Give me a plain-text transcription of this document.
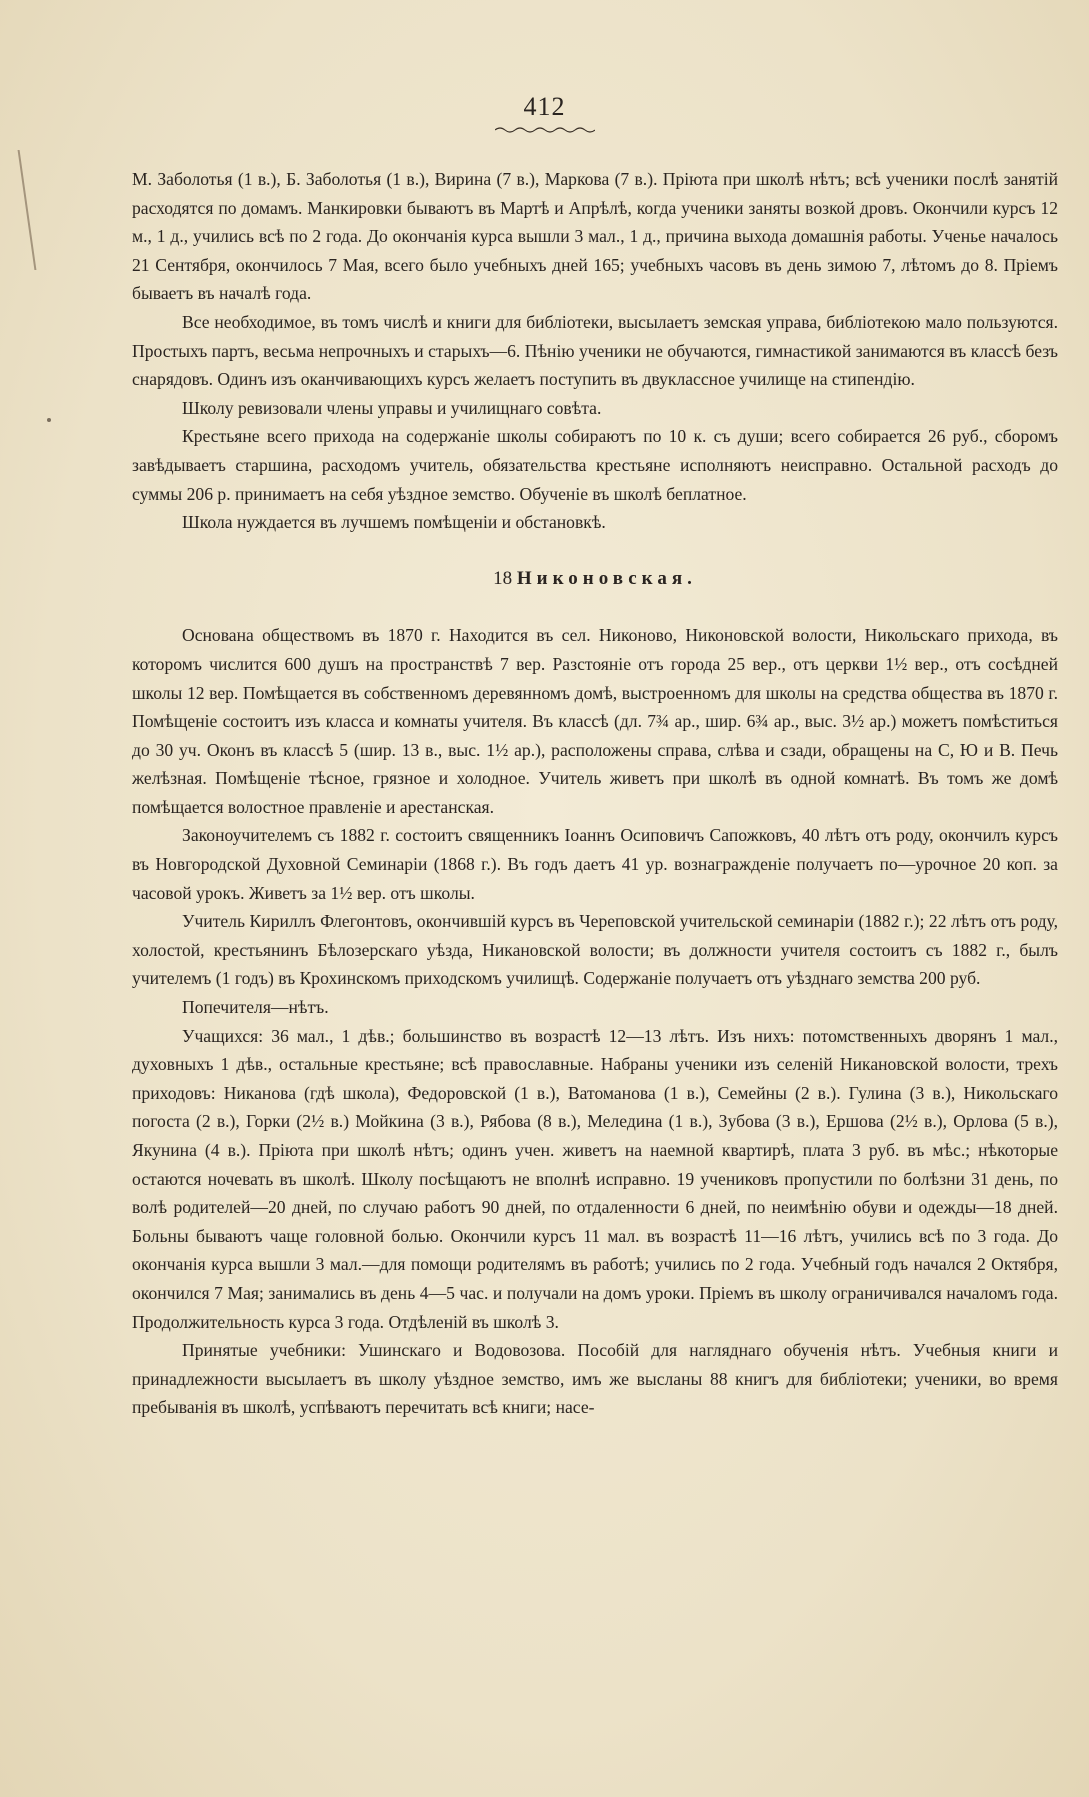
412

М. Заболотья (1 в.), Б. Заболотья (1 в.), Вирина (7 в.), Маркова (7 в.). Пріюта при школѣ нѣтъ; всѣ ученики послѣ занятій расходятся по домамъ. Манкировки бываютъ въ Мартѣ и Апрѣлѣ, когда ученики заняты возкой дровъ. Окончили курсъ 12 м., 1 д., учились всѣ по 2 года. До окончанія курса вышли 3 мал., 1 д., причина выхода домашнія работы. Ученье началось 21 Сентября, окончилось 7 Мая, всего было учебныхъ дней 165; учебныхъ часовъ въ день зимою 7, лѣтомъ до 8. Пріемъ бываетъ въ началѣ года.

Все необходимое, въ томъ числѣ и книги для библіотеки, высылаетъ земская управа, библіотекою мало пользуются. Простыхъ партъ, весьма непрочныхъ и старыхъ—6. Пѣнію ученики не обучаются, гимнастикой занимаются въ классѣ безъ снарядовъ. Одинъ изъ оканчивающихъ курсъ желаетъ поступить въ двуклассное училище на стипендію.

Школу ревизовали члены управы и училищнаго совѣта.

Крестьяне всего прихода на содержаніе школы собираютъ по 10 к. съ души; всего собирается 26 руб., сборомъ завѣдываетъ старшина, расходомъ учитель, обязательства крестьяне исполняютъ неисправно. Остальной расходъ до суммы 206 р. принимаетъ на себя уѣздное земство. Обученіе въ школѣ беплатное.

Школа нуждается въ лучшемъ помѣщеніи и обстановкѣ.

18 Никоновская.

Основана обществомъ въ 1870 г. Находится въ сел. Никоново, Никоновской волости, Никольскаго прихода, въ которомъ числится 600 душъ на пространствѣ 7 вер. Разстояніе отъ города 25 вер., отъ церкви 1½ вер., отъ сосѣдней школы 12 вер. Помѣщается въ собственномъ деревянномъ домѣ, выстроенномъ для школы на средства общества въ 1870 г. Помѣщеніе состоитъ изъ класса и комнаты учителя. Въ классѣ (дл. 7¾ ар., шир. 6¾ ар., выс. 3½ ар.) можетъ помѣститься до 30 уч. Оконъ въ классѣ 5 (шир. 13 в., выс. 1½ ар.), расположены справа, слѣва и сзади, обращены на С, Ю и В. Печь желѣзная. Помѣщеніе тѣсное, грязное и холодное. Учитель живетъ при школѣ въ одной комнатѣ. Въ томъ же домѣ помѣщается волостное правленіе и арестанская.

Законоучителемъ съ 1882 г. состоитъ священникъ Іоаннъ Осиповичъ Сапожковъ, 40 лѣтъ отъ роду, окончилъ курсъ въ Новгородской Духовной Семинаріи (1868 г.). Въ годъ даетъ 41 ур. вознагражденіе получаетъ по—урочное 20 коп. за часовой урокъ. Живетъ за 1½ вер. отъ школы.

Учитель Кириллъ Флегонтовъ, окончившій курсъ въ Череповской учительской семинаріи (1882 г.); 22 лѣтъ отъ роду, холостой, крестьянинъ Бѣлозерскаго уѣзда, Никановской волости; въ должности учителя состоитъ съ 1882 г., былъ учителемъ (1 годъ) въ Крохинскомъ приходскомъ училищѣ. Содержаніе получаетъ отъ уѣзднаго земства 200 руб.

Попечителя—нѣтъ.

Учащихся: 36 мал., 1 дѣв.; большинство въ возрастѣ 12—13 лѣтъ. Изъ нихъ: потомственныхъ дворянъ 1 мал., духовныхъ 1 дѣв., остальные крестьяне; всѣ православные. Набраны ученики изъ селеній Никановской волости, трехъ приходовъ: Никанова (гдѣ школа), Федоровской (1 в.), Ватоманова (1 в.), Семейны (2 в.). Гулина (3 в.), Никольскаго погоста (2 в.), Горки (2½ в.) Мойкина (3 в.), Рябова (8 в.), Меледина (1 в.), Зубова (3 в.), Ершова (2½ в.), Орлова (5 в.), Якунина (4 в.). Пріюта при школѣ нѣтъ; одинъ учен. живетъ на наемной квартирѣ, плата 3 руб. въ мѣс.; нѣкоторые остаются ночевать въ школѣ. Школу посѣщаютъ не вполнѣ исправно. 19 учениковъ пропустили по болѣзни 31 день, по волѣ родителей—20 дней, по случаю работъ 90 дней, по отдаленности 6 дней, по неимѣнію обуви и одежды—18 дней. Больны бываютъ чаще головной болью. Окончили курсъ 11 мал. въ возрастѣ 11—16 лѣтъ, учились всѣ по 3 года. До окончанія курса вышли 3 мал.—для помощи родителямъ въ работѣ; учились по 2 года. Учебный годъ начался 2 Октября, окончился 7 Мая; занимались въ день 4—5 час. и получали на домъ уроки. Пріемъ въ школу ограничивался началомъ года. Продолжительность курса 3 года. Отдѣленій въ школѣ 3.

Принятые учебники: Ушинскаго и Водовозова. Пособій для нагляднаго обученія нѣтъ. Учебныя книги и принадлежности высылаетъ въ школу уѣздное земство, имъ же высланы 88 книгъ для библіотеки; ученики, во время пребыванія въ школѣ, успѣваютъ перечитать всѣ книги; насе-
